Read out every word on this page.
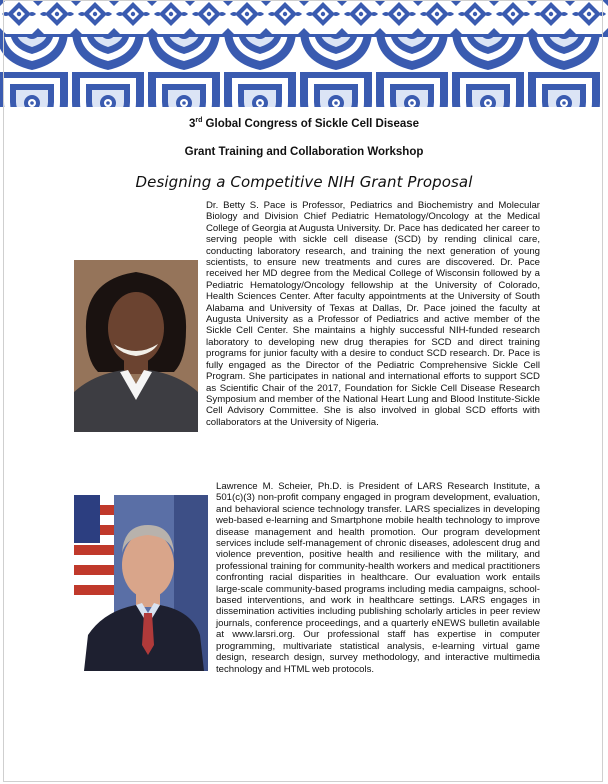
3rd Global Congress of Sickle Cell Disease
Grant Training and Collaboration Workshop
Designing a Competitive NIH Grant Proposal
Dr. Betty S. Pace is Professor, Pediatrics and Biochemistry and Molecular Biology and Division Chief Pediatric Hematology/Oncology at the Medical College of Georgia at Augusta University. Dr. Pace has dedicated her career to serving people with sickle cell disease (SCD) by rending clinical care, conducting laboratory research, and training the next generation of young scientists, to ensure new treatments and cures are discovered. Dr. Pace received her MD degree from the Medical College of Wisconsin followed by a Pediatric Hematology/Oncology fellowship at the University of Colorado, Health Sciences Center. After faculty appointments at the University of South Alabama and University of Texas at Dallas, Dr. Pace joined the faculty at Augusta University as a Professor of Pediatrics and active member of the Sickle Cell Center. She maintains a highly successful NIH-funded research laboratory to developing new drug therapies for SCD and direct training programs for junior faculty with a desire to conduct SCD research. Dr. Pace is fully engaged as the Director of the Pediatric Comprehensive Sickle Cell Program. She participates in national and international efforts to support SCD as Scientific Chair of the 2017, Foundation for Sickle Cell Disease Research Symposium and member of the National Heart Lung and Blood Institute-Sickle Cell Advisory Committee. She is also involved in global SCD efforts with collaborators at the University of Nigeria.
Lawrence M. Scheier, Ph.D. is President of LARS Research Institute, a 501(c)(3) non-profit company engaged in program development, evaluation, and behavioral science technology transfer. LARS specializes in developing web-based e-learning and Smartphone mobile health technology to improve disease management and health promotion. Our program development services include self-management of chronic diseases, adolescent drug and violence prevention, positive health and resilience with the military, and professional training for community-health workers and medical practitioners confronting racial disparities in healthcare. Our evaluation work entails large-scale community-based programs including media campaigns, school-based interventions, and work in healthcare settings. LARS engages in dissemination activities including publishing scholarly articles in peer review journals, conference proceedings, and a quarterly eNEWS bulletin available at www.larsri.org. Our professional staff has expertise in computer programming, multivariate statistical analysis, e-learning virtual game design, research design, survey methodology, and interactive multimedia technology and HTML web protocols.
